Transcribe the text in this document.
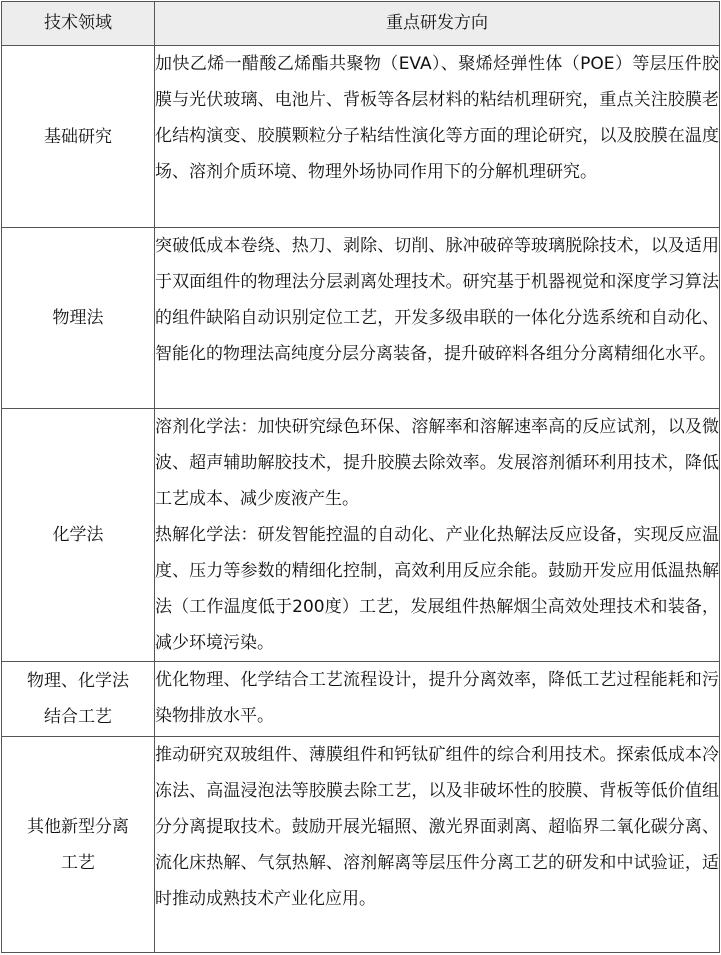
技术领域	重点研发方向

基础研究	加快乙烯一醋酸乙烯酯共聚物（EVA）、聚烯烃弹性体（POE）等层压件胶膜与光伏玻璃、电池片、背板等各层材料的粘结机理研究，重点关注胶膜老化结构演变、胶膜颗粒分子粘结性演化等方面的理论研究，以及胶膜在温度场、溶剂介质环境、物理外场协同作用下的分解机理研究。

物理法	突破低成本卷绕、热刀、剥除、切削、脉冲破碎等玻璃脱除技术，以及适用于双面组件的物理法分层剥离处理技术。研究基于机器视觉和深度学习算法的组件缺陷自动识别定位工艺，开发多级串联的一体化分选系统和自动化、智能化的物理法高纯度分层分离装备，提升破碎料各组分分离精细化水平。

化学法	溶剂化学法：加快研究绿色环保、溶解率和溶解速率高的反应试剂，以及微波、超声辅助解胶技术，提升胶膜去除效率。发展溶剂循环利用技术，降低工艺成本、减少废液产生。

热解化学法：研发智能控温的自动化、产业化热解法反应设备，实现反应温度、压力等参数的精细化控制，高效利用反应余能。鼓励开发应用低温热解法（工作温度低于200度）工艺，发展组件热解烟尘高效处理技术和装备，减少环境污染。

物理、化学法
结合工艺	优化物理、化学结合工艺流程设计，提升分离效率，降低工艺过程能耗和污染物排放水平。

其他新型分离
工艺	推动研究双玻组件、薄膜组件和钙钛矿组件的综合利用技术。探索低成本冷冻法、高温浸泡法等胶膜去除工艺，以及非破坏性的胶膜、背板等低价值组分分离提取技术。鼓励开展光辐照、激光界面剥离、超临界二氧化碳分离、流化床热解、气氛热解、溶剂解离等层压件分离工艺的研发和中试验证，适时推动成熟技术产业化应用。
